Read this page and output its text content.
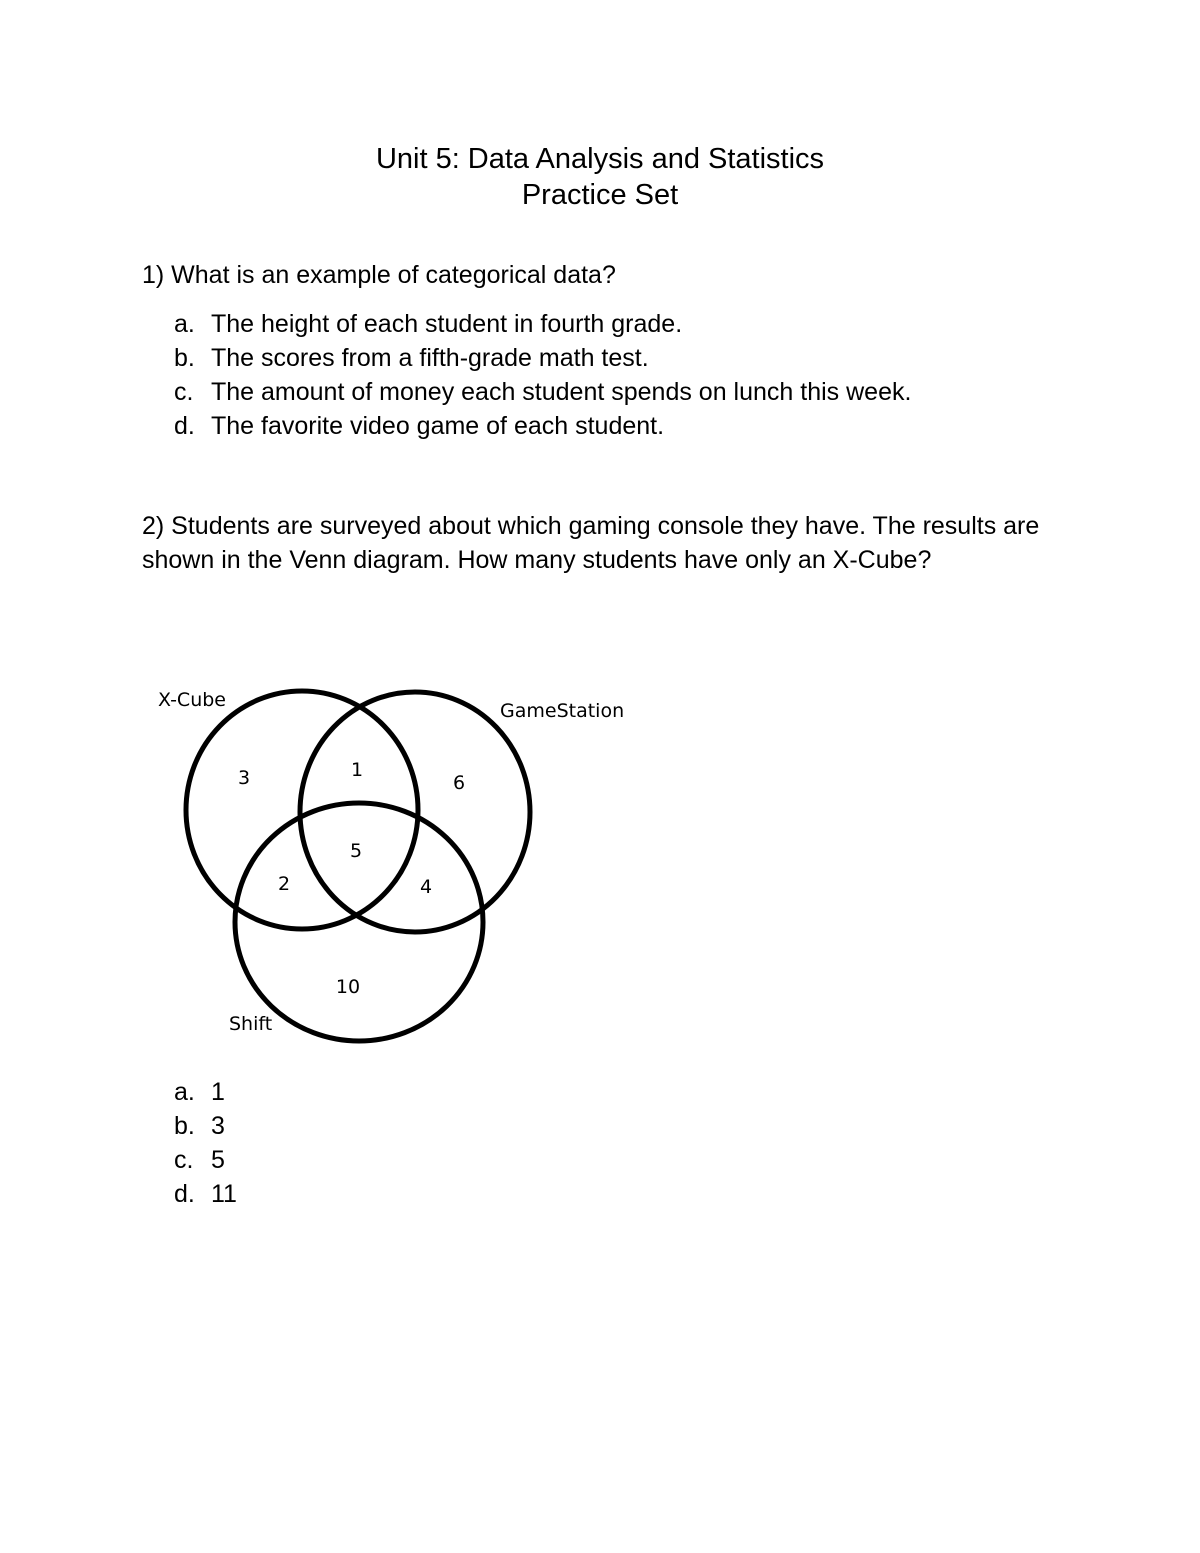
Unit 5: Data Analysis and Statistics
Practice Set
1) What is an example of categorical data?
a. The height of each student in fourth grade.
b. The scores from a fifth-grade math test.
c. The amount of money each student spends on lunch this week.
d. The favorite video game of each student.
2) Students are surveyed about which gaming console they have. The results are shown in the Venn diagram. How many students have only an X-Cube?
X-Cube	GameStation
Shift
3	1
6
5
2	4
10
a. 1
b. 3
c. 5
d. 11
